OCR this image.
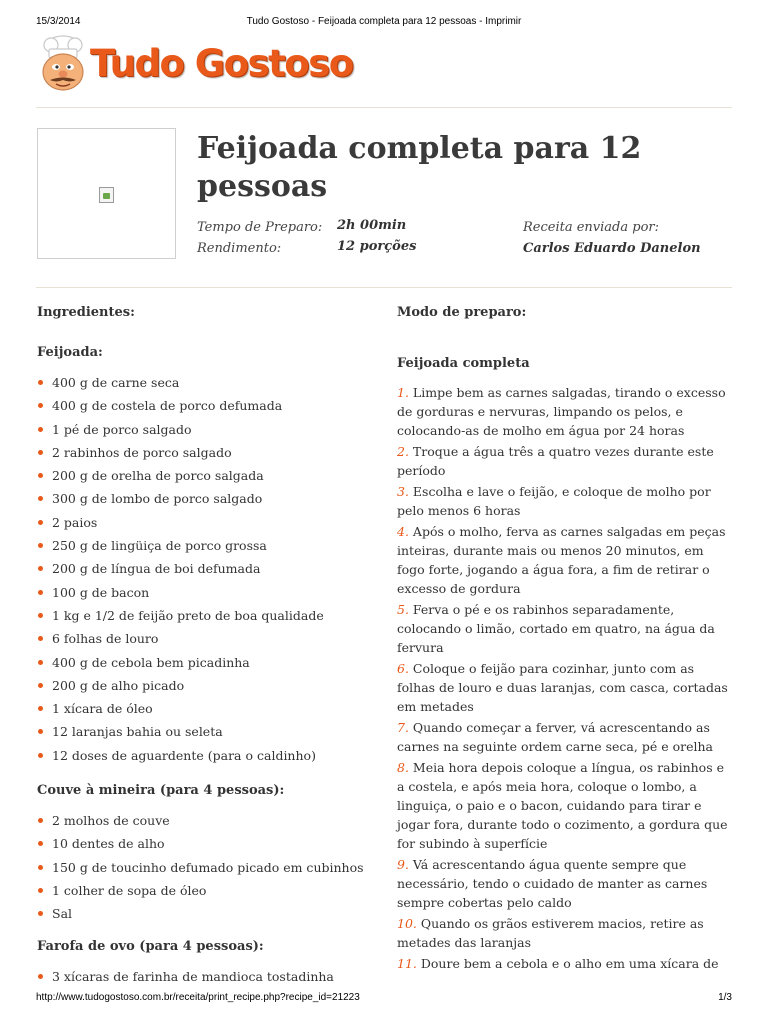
15/3/2014	Tudo Gostoso - Feijoada completa para 12 pessoas - Imprimir
Tudo Gostoso
Feijoada completa para 12
pessoas
Tempo de Preparo: 2h 00min
Rendimento:	12 porções
Receita enviada por:
Carlos Eduardo Danelon
Ingredientes:
Feijoada:
400 g de carne seca
400 g de costela de porco defumada
1 pé de porco salgado
2 rabinhos de porco salgado
200 g de orelha de porco salgada
300 g de lombo de porco salgado
2 paios
250 g de lingüiça de porco grossa
200 g de língua de boi defumada
100 g de bacon
1 kg e 1/2 de feijão preto de boa qualidade
6 folhas de louro
400 g de cebola bem picadinha
200 g de alho picado
1 xícara de óleo
12 laranjas bahia ou seleta
12 doses de aguardente (para o caldinho)
Couve à mineira (para 4 pessoas):
2 molhos de couve
10 dentes de alho
150 g de toucinho defumado picado em cubinhos
1 colher de sopa de óleo
Sal
Farofa de ovo (para 4 pessoas):
3 xícaras de farinha de mandioca tostadinha
Modo de preparo:
Feijoada completa

1. Limpe bem as carnes salgadas, tirando o excesso de gorduras e nervuras, limpando os pelos, e colocando-as de molho em água por 24 horas

2. Troque a água três a quatro vezes durante este período

3. Escolha e lave o feijão, e coloque de molho por pelo menos 6 horas

4. Após o molho, ferva as carnes salgadas em peças inteiras, durante mais ou menos 20 minutos, em fogo forte, jogando a água fora, a fim de retirar o excesso de gordura

5. Ferva o pé e os rabinhos separadamente, colocando o limão, cortado em quatro, na água da fervura

6. Coloque o feijão para cozinhar, junto com as folhas de louro e duas laranjas, com casca, cortadas em metades

7. Quando começar a ferver, vá acrescentando as carnes na seguinte ordem carne seca, pé e orelha

8. Meia hora depois coloque a língua, os rabinhos e a costela, e após meia hora, coloque o lombo, a linguiça, o paio e o bacon, cuidando para tirar e jogar fora, durante todo o cozimento, a gordura que for subindo à superfície

9. Vá acrescentando água quente sempre que necessário, tendo o cuidado de manter as carnes sempre cobertas pelo caldo

10. Quando os grãos estiverem macios, retire as metades das laranjas

11. Doure bem a cebola e o alho em uma xícara de

http://www.tudogostoso.com.br/receita/print_recipe.php?recipe_id=21223	1/3
